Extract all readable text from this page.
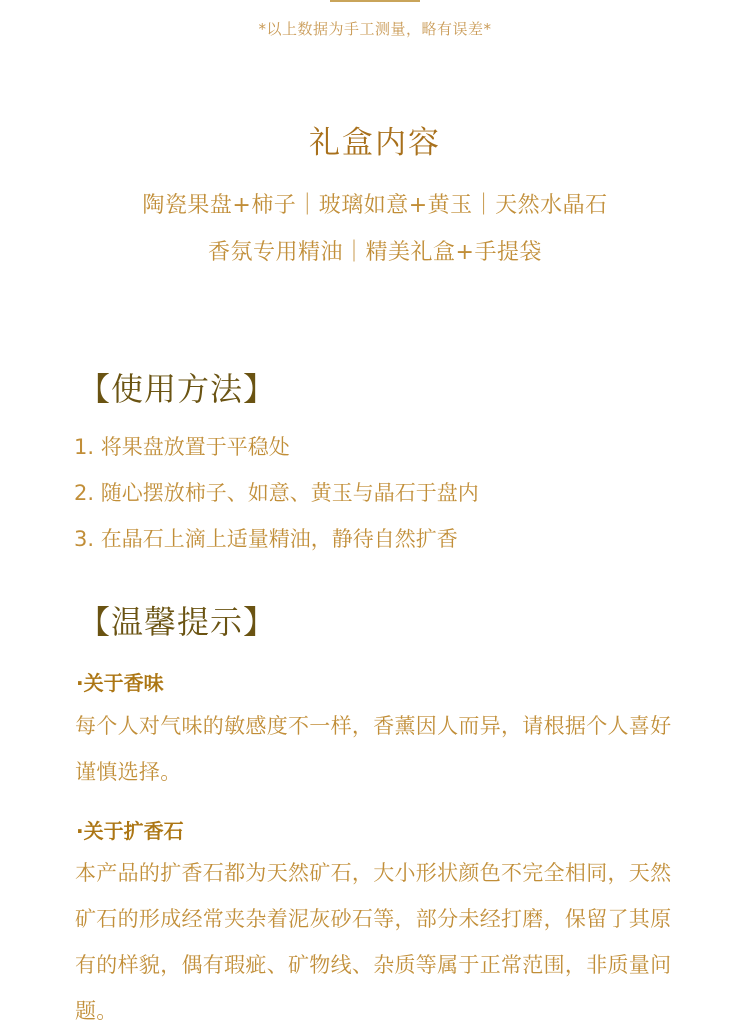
*以上数据为手工测量，略有误差*
礼盒内容
陶瓷果盘+柿子｜玻璃如意+黄玉｜天然水晶石
香氛专用精油｜精美礼盒+手提袋
【使用方法】
1. 将果盘放置于平稳处
2. 随心摆放柿子、如意、黄玉与晶石于盘内
3. 在晶石上滴上适量精油，静待自然扩香
【温馨提示】
·关于香味
每个人对气味的敏感度不一样，香薰因人而异，请根据个人喜好谨慎选择。
·关于扩香石
本产品的扩香石都为天然矿石，大小形状颜色不完全相同，天然矿石的形成经常夹杂着泥灰砂石等，部分未经打磨，保留了其原有的样貌，偶有瑕疵、矿物线、杂质等属于正常范围，非质量问题。
